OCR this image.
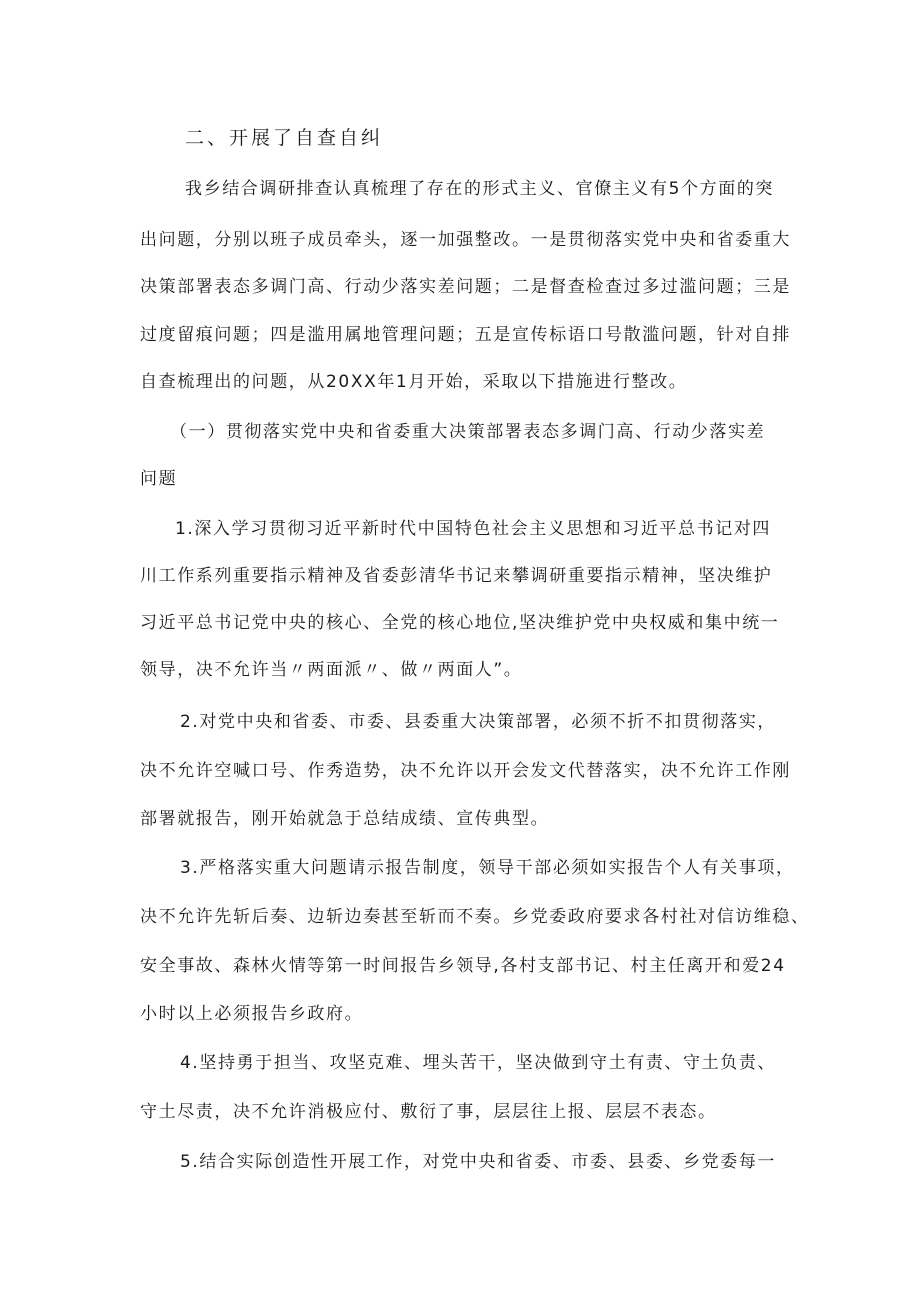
二、开展了自查自纠
我乡结合调研排查认真梳理了存在的形式主义、官僚主义有5个方面的突
出问题，分别以班子成员牵头，逐一加强整改。一是贯彻落实党中央和省委重大
决策部署表态多调门高、行动少落实差问题；二是督查检查过多过滥问题；三是
过度留痕问题；四是滥用属地管理问题；五是宣传标语口号散滥问题，针对自排
自查梳理出的问题，从20XX年1月开始，采取以下措施进行整改。
（一）贯彻落实党中央和省委重大决策部署表态多调门高、行动少落实差
问题
1.深入学习贯彻习近平新时代中国特色社会主义思想和习近平总书记对四
川工作系列重要指示精神及省委彭清华书记来攀调研重要指示精神，坚决维护
习近平总书记党中央的核心、全党的核心地位,坚决维护党中央权威和集中统一
领导，决不允许当〃两面派〃、做〃两面人”。
2.对党中央和省委、市委、县委重大决策部署，必须不折不扣贯彻落实，
决不允许空喊口号、作秀造势，决不允许以开会发文代替落实，决不允许工作刚
部署就报告，刚开始就急于总结成绩、宣传典型。
3.严格落实重大问题请示报告制度，领导干部必须如实报告个人有关事项，
决不允许先斩后奏、边斩边奏甚至斩而不奏。乡党委政府要求各村社对信访维稳、
安全事故、森林火情等第一时间报告乡领导,各村支部书记、村主任离开和爱24
小时以上必须报告乡政府。
4.坚持勇于担当、攻坚克难、埋头苦干，坚决做到守土有责、守土负责、
守土尽责，决不允许消极应付、敷衍了事，层层往上报、层层不表态。
5.结合实际创造性开展工作，对党中央和省委、市委、县委、乡党委每一
